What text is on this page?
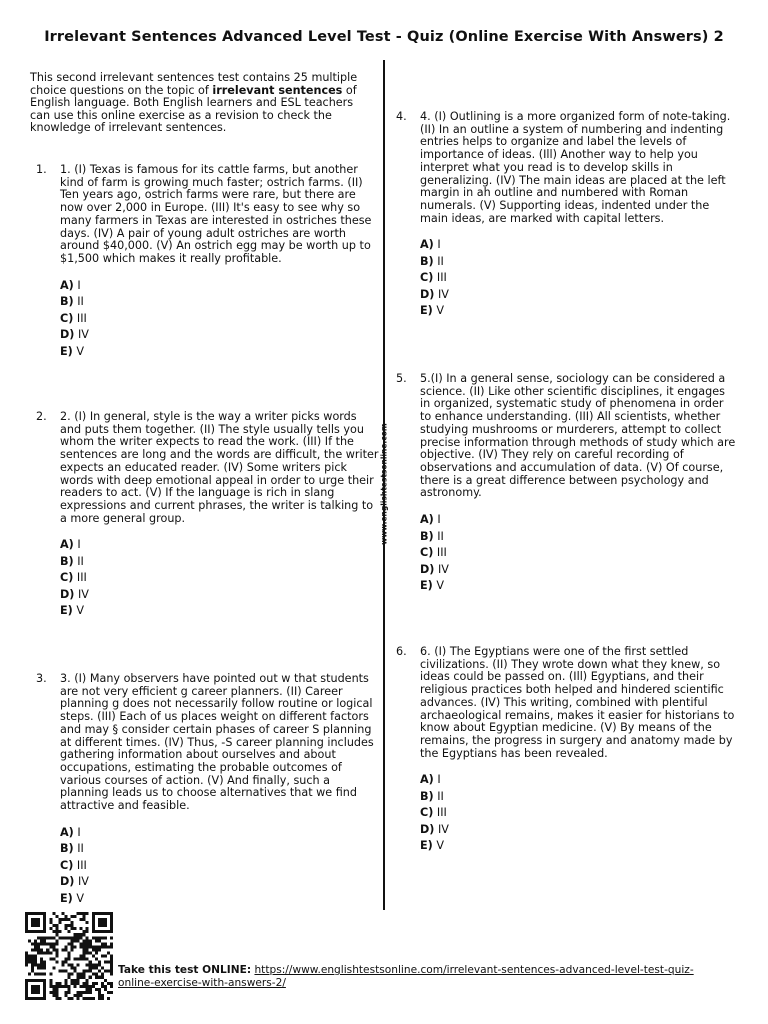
Irrelevant Sentences Advanced Level Test - Quiz (Online Exercise With Answers) 2
www.englishtestsonline.com
This second irrelevant sentences test contains 25 multiple choice questions on the topic of irrelevant sentences of English language. Both English learners and ESL teachers can use this online exercise as a revision to check the knowledge of irrelevant sentences.
1.	1. (I) Texas is famous for its cattle farms, but another kind of farm is growing much faster; ostrich farms. (II) Ten years ago, ostrich farms were rare, but there are now over 2,000 in Europe. (III) It's easy to see why so many farmers in Texas are interested in ostriches these days. (IV) A pair of young adult ostriches are worth around $40,000. (V) An ostrich egg may be worth up to $1,500 which makes it really profitable.
A) I
B) II
C) III
D) IV
E) V
2.	2. (I) In general, style is the way a writer picks words and puts them together. (II) The style usually tells you whom the writer expects to read the work. (III) If the sentences are long and the words are difficult, the writer expects an educated reader. (IV) Some writers pick words with deep emotional appeal in order to urge their readers to act. (V) If the language is rich in slang expressions and current phrases, the writer is talking to a more general group.
A) I
B) II
C) III
D) IV
E) V
3.	3. (I) Many observers have pointed out w that students are not very efficient g career planners. (II) Career planning g does not necessarily follow routine or logical steps. (III) Each of us places weight on different factors and may § consider certain phases of career S planning at different times. (IV) Thus, -S career planning includes gathering information about ourselves and about occupations, estimating the probable outcomes of various courses of action. (V) And finally, such a planning leads us to choose alternatives that we find attractive and feasible.
A) I
B) II
C) III
D) IV
E) V
4.	4. (I) Outlining is a more organized form of note-taking. (II) In an outline a system of numbering and indenting entries helps to organize and label the levels of importance of ideas. (Ill) Another way to help you interpret what you read is to develop skills in generalizing. (IV) The main ideas are placed at the left margin in ah outline and numbered with Roman numerals. (V) Supporting ideas, indented under the main ideas, are marked with capital letters.
A) I
B) II
C) III
D) IV
E) V
5.	5.(I) In a general sense, sociology can be considered a science. (II) Like other scientific disciplines, it engages in organized, systematic study of phenomena in order to enhance understanding. (III) All scientists, whether studying mushrooms or murderers, attempt to collect precise information through methods of study which are objective. (IV) They rely on careful recording of observations and accumulation of data. (V) Of course, there is a great difference between psychology and astronomy.
A) I
B) II
C) III
D) IV
E) V
6.	6. (I) The Egyptians were one of the first settled civilizations. (II) They wrote down what they knew, so ideas could be passed on. (Ill) Egyptians, and their religious practices both helped and hindered scientific advances. (IV) This writing, combined with plentiful archaeological remains, makes it easier for historians to know about Egyptian medicine. (V) By means of the remains, the progress in surgery and anatomy made by the Egyptians has been revealed.
A) I
B) II
C) III
D) IV
E) V
Take this test ONLINE: https://www.englishtestsonline.com/irrelevant-sentences-advanced-level-test-quiz-online-exercise-with-answers-2/
